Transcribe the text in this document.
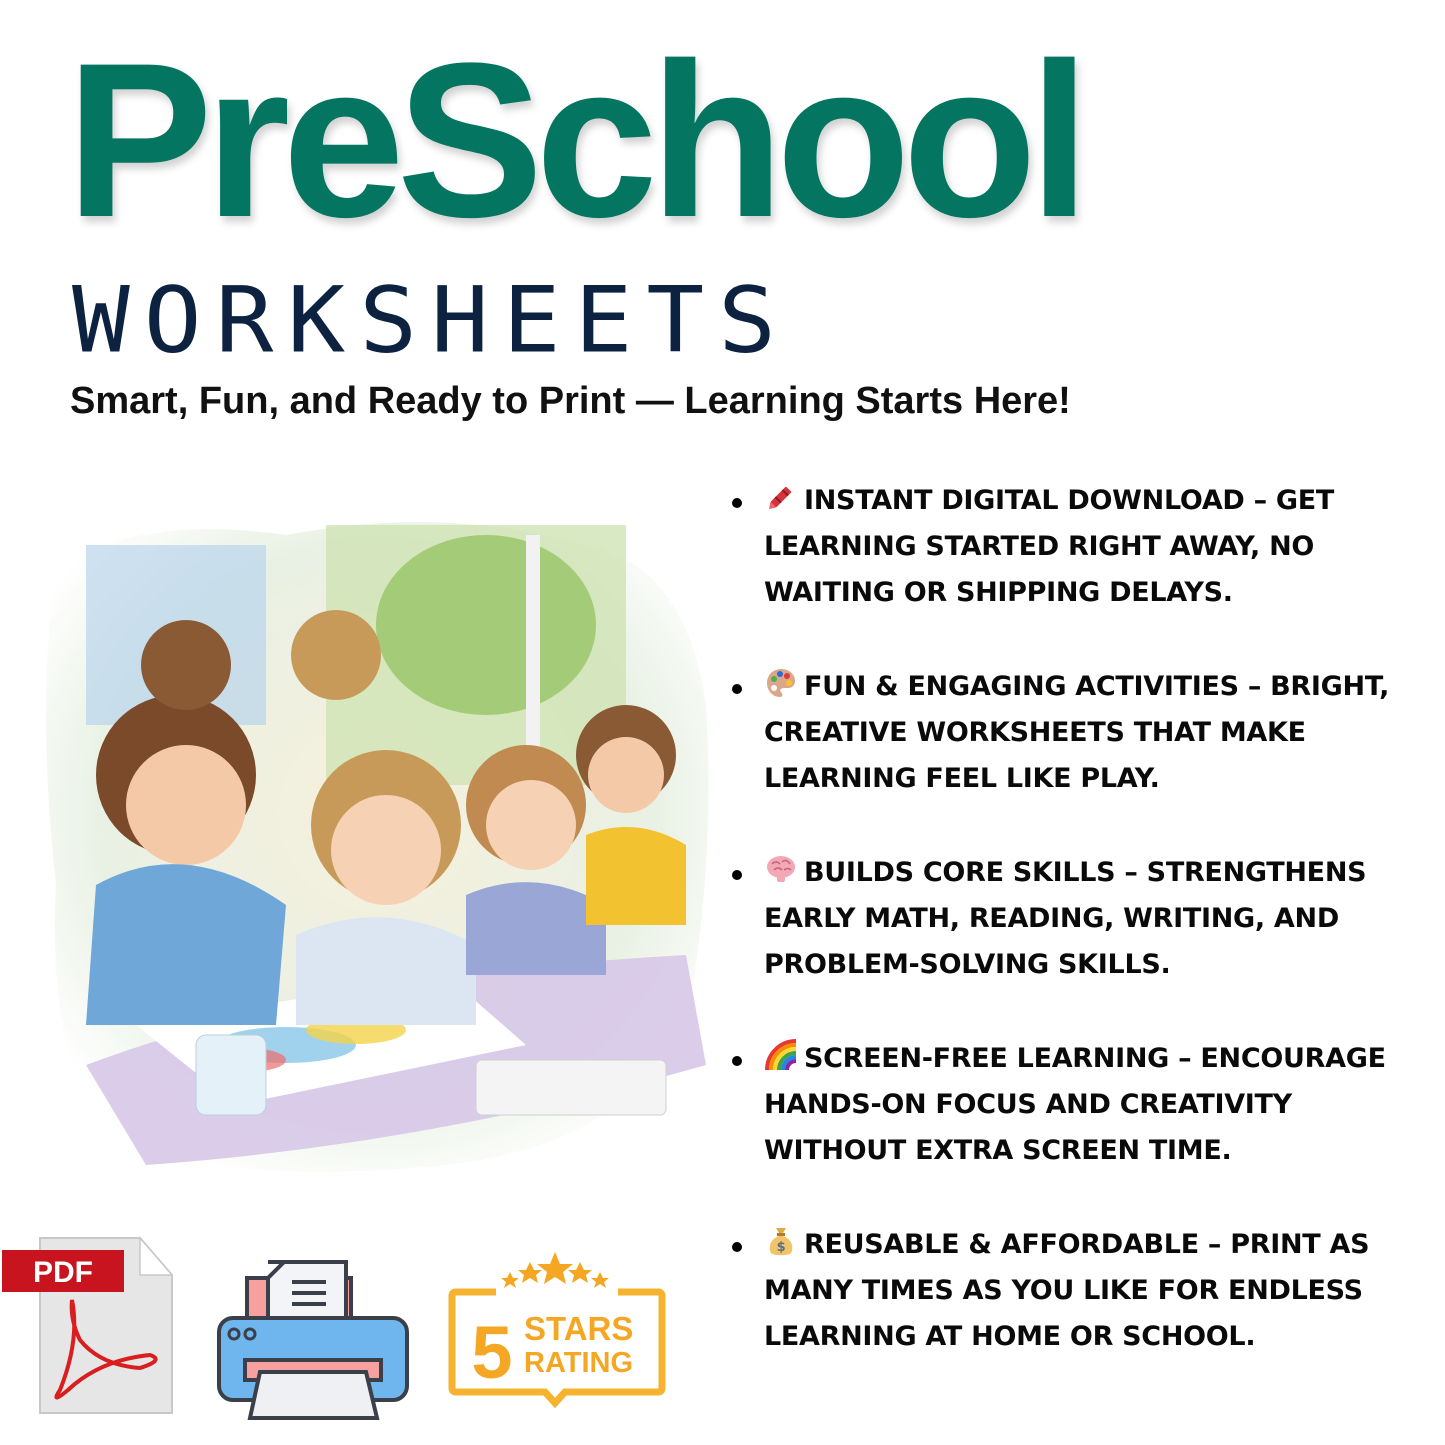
PreSchool
WORKSHEETS
Smart, Fun, and Ready to Print — Learning Starts Here!
INSTANT DIGITAL DOWNLOAD – GET LEARNING STARTED RIGHT AWAY, NO WAITING OR SHIPPING DELAYS.
FUN & ENGAGING ACTIVITIES – BRIGHT, CREATIVE WORKSHEETS THAT MAKE LEARNING FEEL LIKE PLAY.
BUILDS CORE SKILLS – STRENGTHENS EARLY MATH, READING, WRITING, AND PROBLEM-SOLVING SKILLS.
SCREEN-FREE LEARNING – ENCOURAGE HANDS-ON FOCUS AND CREATIVITY WITHOUT EXTRA SCREEN TIME.
$ REUSABLE & AFFORDABLE – PRINT AS MANY TIMES AS YOU LIKE FOR ENDLESS LEARNING AT HOME OR SCHOOL.
PDF
5 STARS
RATING
